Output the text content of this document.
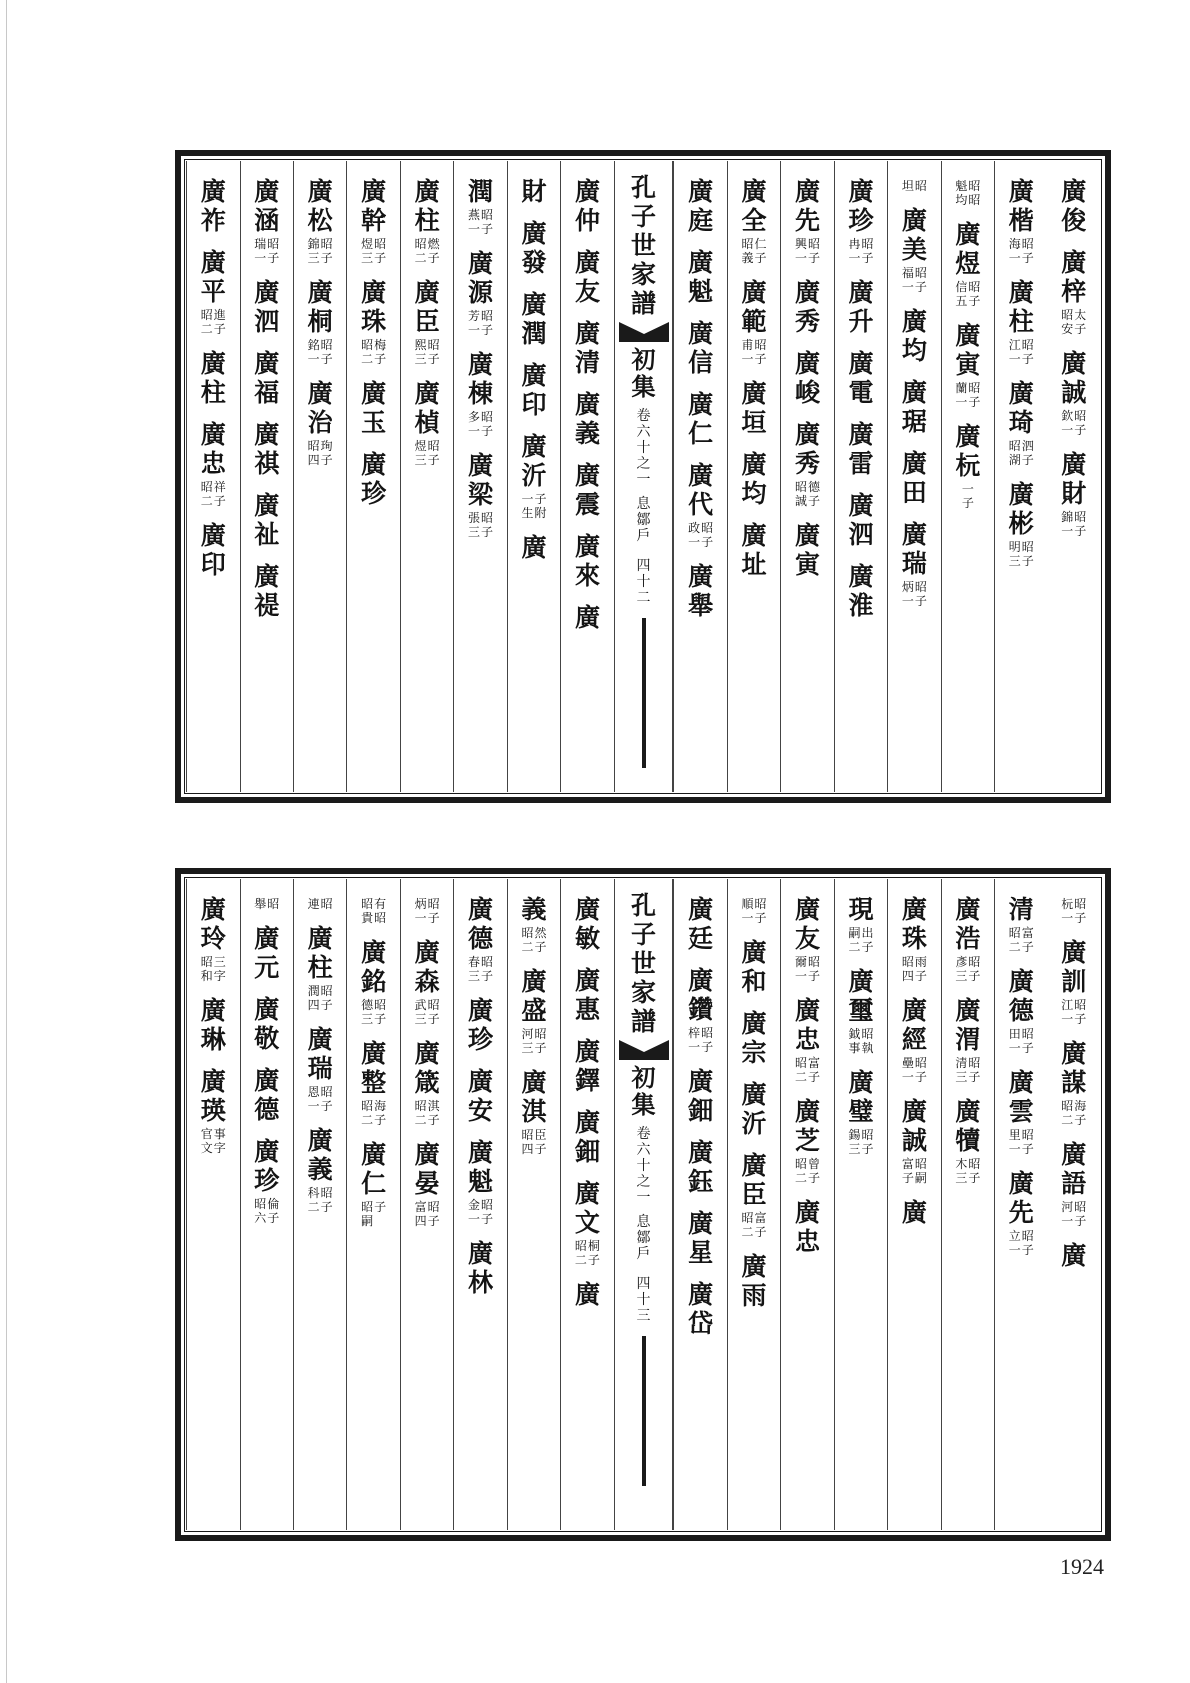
廣
俊
廣
梓
太
子
昭
安
廣
誠
昭
子
欽
一
廣
財
昭
子
錦
一
廣
楷
昭
子
海
一
廣
柱
昭
子
江
一
廣
琦
泗
子
昭
湖
廣
彬
昭
子
明
三
昭
昭
魁
均
廣
煜
昭
子
信
五
廣
寅
昭
子
蘭
一
廣
杬
一
子
昭
坦
廣
美
昭
子
福
一
廣
均
廣
琚
廣
田
廣
瑞
昭
子
炳
一
廣
珍
昭
子
冉
一
廣
升
廣
電
廣
雷
廣
泗
廣
淮
廣
先
昭
子
興
一
廣
秀
廣
峻
廣
秀
德
子
昭
誠
廣
寅
廣
全
仁
子
昭
義
廣
範
昭
子
甫
一
廣
垣
廣
均
廣
址
廣
庭
廣
魁
廣
信
廣
仁
廣
代
昭
子
政
一
廣
舉
孔
子
世
家
譜
初
集
卷
六
十
之
一
息
鄒
戶
四
十
二
廣
仲
廣
友
廣
清
廣
義
廣
震
廣
來
廣
財
廣
發
廣
潤
廣
印
廣
沂
子
附
一
生
廣
潤
昭
子
燕
一
廣
源
昭
子
芳
一
廣
棟
昭
子
多
一
廣
梁
昭
子
張
三
廣
柱
燃
子
昭
二
廣
臣
昭
子
熙
三
廣
楨
昭
子
煜
三
廣
幹
昭
子
煜
三
廣
珠
梅
子
昭
二
廣
玉
廣
珍
廣
松
昭
子
錦
三
廣
桐
昭
子
銘
一
廣
治
珣
子
昭
四
廣
涵
昭
子
瑞
一
廣
泗
廣
福
廣
祺
廣
祉
廣
禔
廣
祚
廣
平
進
子
昭
二
廣
柱
廣
忠
祥
子
昭
二
廣
印
昭
子
杬
一
廣
訓
昭
子
江
一
廣
謀
海
子
昭
二
廣
語
昭
子
河
一
廣
清
富
子
昭
二
廣
德
昭
子
田
一
廣
雲
昭
子
里
一
廣
先
昭
子
立
一
廣
浩
昭
子
彥
三
廣
渭
昭
子
清
三
廣
犢
昭
子
木
三
廣
珠
雨
子
昭
四
廣
經
昭
子
壘
一
廣
誠
昭
嗣
富
子
廣
現
出
子
嗣
二
廣
璽
昭
執
鉞
事
廣
璧
昭
子
鍚
三
廣
友
昭
子
爾
一
廣
忠
富
子
昭
二
廣
芝
曾
子
昭
二
廣
忠
昭
子
順
一
廣
和
廣
宗
廣
沂
廣
臣
富
子
昭
二
廣
雨
廣
廷
廣
鑽
昭
子
梓
一
廣
鈿
廣
鈺
廣
星
廣
岱
孔
子
世
家
譜
初
集
卷
六
十
之
一
息
鄒
戶
四
十
三
廣
敏
廣
惠
廣
鐸
廣
鈿
廣
文
桐
子
昭
二
廣
義
然
子
昭
二
廣
盛
昭
子
河
三
廣
淇
臣
子
昭
四
廣
德
昭
子
春
三
廣
珍
廣
安
廣
魁
昭
子
金
一
廣
林
昭
子
炳
一
廣
森
昭
子
武
三
廣
箴
淇
子
昭
二
廣
晏
昭
子
富
四
有
昭
昭
貴
廣
銘
昭
子
德
三
廣
整
海
子
昭
二
廣
仁
子
昭
嗣
昭
連
廣
柱
昭
子
潤
四
廣
瑞
昭
子
恩
一
廣
義
昭
子
科
二
昭
舉
廣
元
廣
敬
廣
德
廣
珍
倫
子
昭
六
廣
玲
三
字
昭
和
廣
琳
廣
瑛
事
字
官
文
1924
